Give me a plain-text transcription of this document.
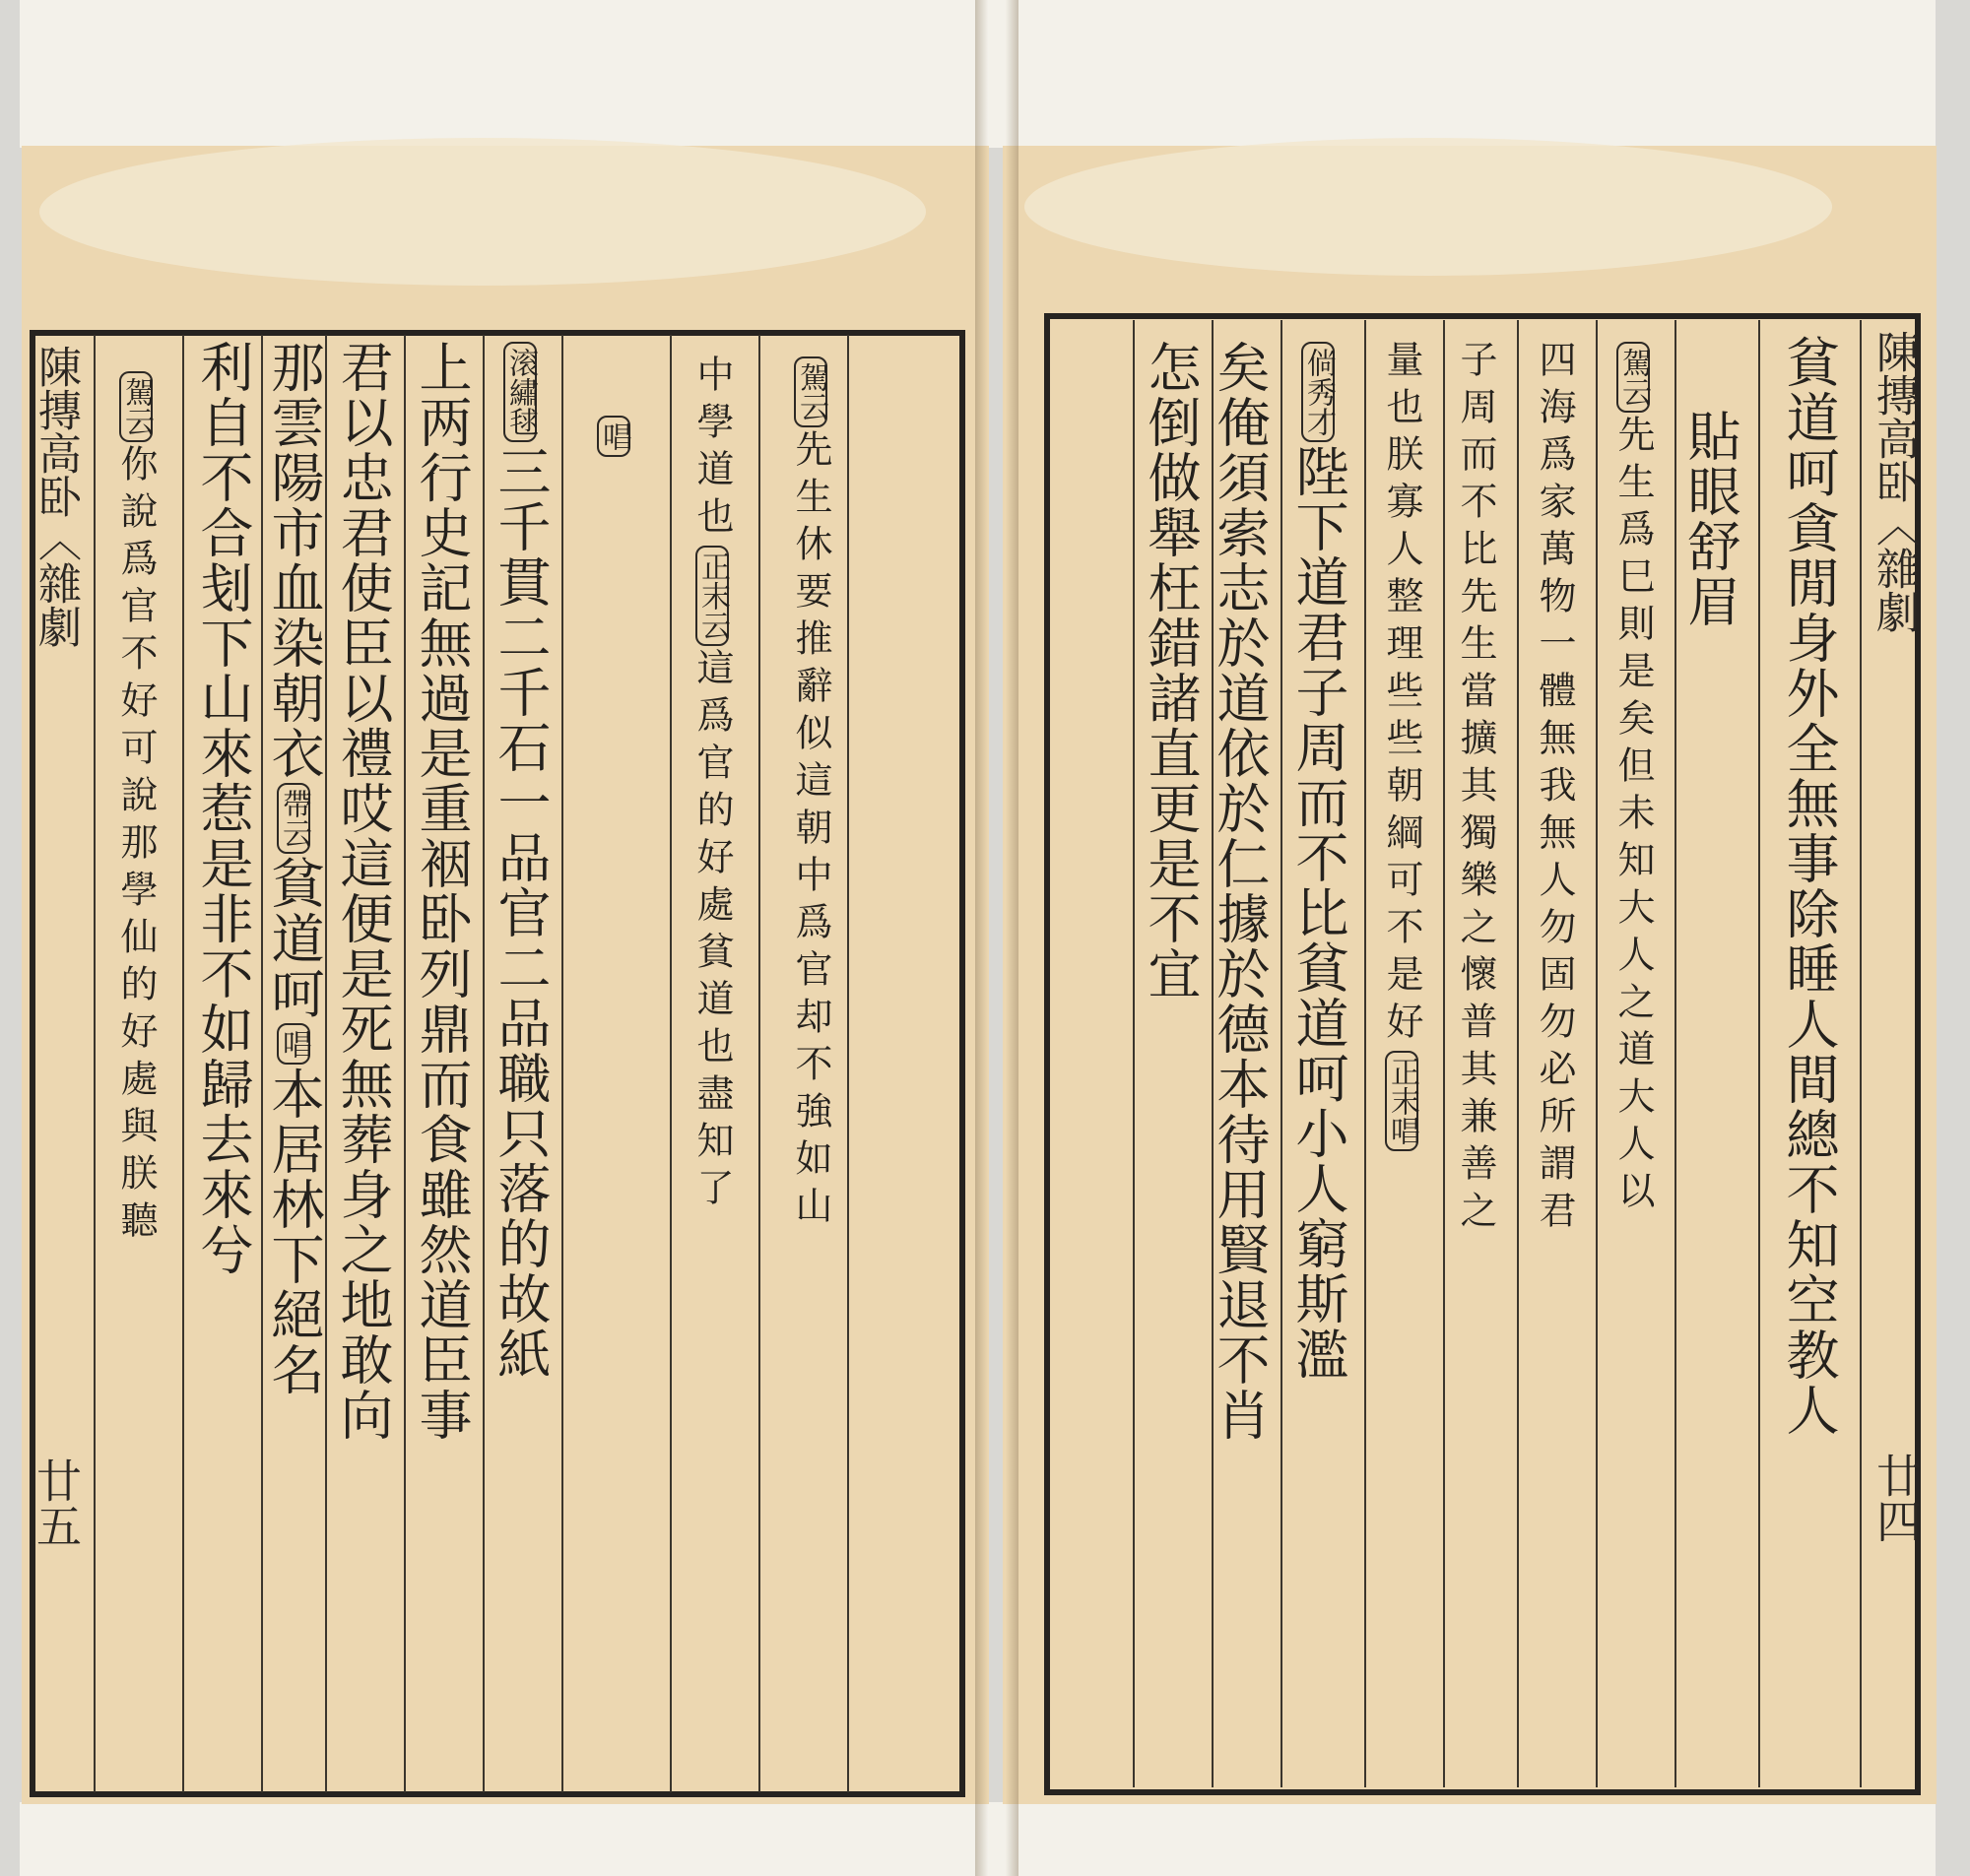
陳摶高卧〈雜劇
廿五
駕云先生休要推辭似這朝中爲官却不強如山
中學道也正末云這爲官的好處貧道也盡知了
唱
滚繡毬三千貫二千石一品官二品職只落的故紙
上两行史記無過是重裀卧列鼎而食雖然道臣事
君以忠君使臣以禮哎這便是死無葬身之地敢向
那雲陽市血染朝衣帶云貧道呵唱本居林下絕名
利自不合刬下山來惹是非不如歸去來兮
駕云你說爲官不好可說那學仙的好處與朕聽	陳摶高卧〈雜劇
廿四
貧道呵貪閒身外全無事除睡人間總不知空教人
貼眼舒眉
駕云先生爲巳則是矣但未知大人之道大人以
四海爲家萬物一體無我無人勿固勿必所謂君
子周而不比先生當擴其獨樂之懷普其兼善之
量也朕寡人整理些些朝綱可不是好正末唱
倘秀才陛下道君子周而不比貧道呵小人窮斯濫
矣俺須索志於道依於仁據於德本待用賢退不肖
怎倒做舉枉錯諸直更是不宜
